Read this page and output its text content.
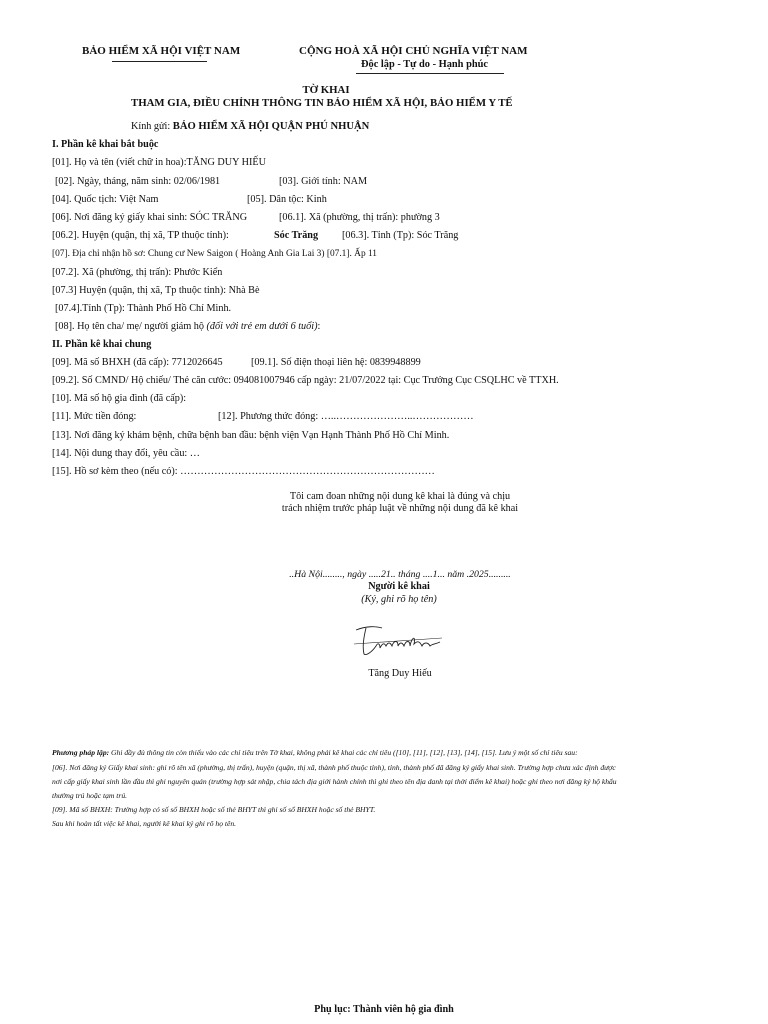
BẢO HIỂM XÃ HỘI VIỆT NAM	CỘNG HOÀ XÃ HỘI CHỦ NGHĨA VIỆT NAM
Độc lập - Tự do - Hạnh phúc
TỜ KHAI
THAM GIA, ĐIỀU CHỈNH THÔNG TIN BẢO HIỂM XÃ HỘI, BẢO HIỂM Y TẾ
Kính gửi: BẢO HIỂM XÃ HỘI QUẬN PHÚ NHUẬN
I. Phần kê khai bắt buộc
[01]. Họ và tên (viết chữ in hoa):TĂNG DUY HIẾU
[02]. Ngày, tháng, năm sinh: 02/06/1981	[03]. Giới tính: NAM
[04]. Quốc tịch: Việt Nam	[05]. Dân tộc: Kinh
[06]. Nơi đăng ký giấy khai sinh: SÓC TRĂNG	[06.1]. Xã (phường, thị trấn): phường 3
[06.2]. Huyện (quận, thị xã, TP thuộc tỉnh):	Sóc Trăng [06.3]. Tỉnh (Tp): Sóc Trăng
[07]. Địa chỉ nhận hồ sơ: Chung cư New Saigon ( Hoàng Anh Gia Lai 3) [07.1]. Ấp 11
[07.2]. Xã (phường, thị trấn): Phước Kiển
[07.3] Huyện (quận, thị xã, Tp thuộc tỉnh): Nhà Bè
[07.4].Tỉnh (Tp): Thành Phố Hồ Chí Minh.
[08]. Họ tên cha/ mẹ/ người giám hộ (đối với trẻ em dưới 6 tuổi):
II. Phần kê khai chung
[09]. Mã số BHXH (đã cấp): 7712026645	[09.1]. Số điện thoại liên hệ: 0839948899
[09.2]. Số CMND/ Hộ chiếu/ Thẻ căn cước: 094081007946 cấp ngày: 21/07/2022 tại: Cục Trưởng Cục CSQLHC về TTXH.
[10]. Mã số hộ gia đình (đã cấp):
[11]. Mức tiền đóng:	[12]. Phương thức đóng: …..…………………..………………
[13]. Nơi đăng ký khám bệnh, chữa bệnh ban đầu: bệnh viện Vạn Hạnh Thành Phố Hồ Chí Minh.
[14]. Nội dung thay đổi, yêu cầu: …
[15]. Hồ sơ kèm theo (nếu có): …………………………………………………………………
Tôi cam đoan những nội dung kê khai là đúng và chịu
trách nhiệm trước pháp luật về những nội dung đã kê khai
..Hà Nội........, ngày .....21.. tháng ....1... năm .2025.........
Người kê khai
(Ký, ghi rõ họ tên)
Tăng Duy Hiếu
Phương pháp lập: Ghi đầy đủ thông tin còn thiếu vào các chỉ tiêu trên Tờ khai, không phải kê khai các chỉ tiêu ([10], [11], [12], [13], [14], [15]. Lưu ý một số chỉ tiêu sau:
[06]. Nơi đăng ký Giấy khai sinh: ghi rõ tên xã (phường, thị trấn), huyện (quận, thị xã, thành phố thuộc tỉnh), tỉnh, thành phố đã đăng ký giấy khai sinh. Trường hợp chưa xác định được
nơi cấp giấy khai sinh lần đầu thì ghi nguyên quán (trường hợp sát nhập, chia tách địa giới hành chính thì ghi theo tên địa danh tại thời điểm kê khai) hoặc ghi theo nơi đăng ký hộ khẩu
thường trú hoặc tạm trú.
[09]. Mã số BHXH: Trường hợp có số sổ BHXH hoặc số thẻ BHYT thì ghi số sổ BHXH hoặc số thẻ BHYT.
Sau khi hoàn tất việc kê khai, người kê khai ký ghi rõ họ tên.
Phụ lục: Thành viên hộ gia đình
